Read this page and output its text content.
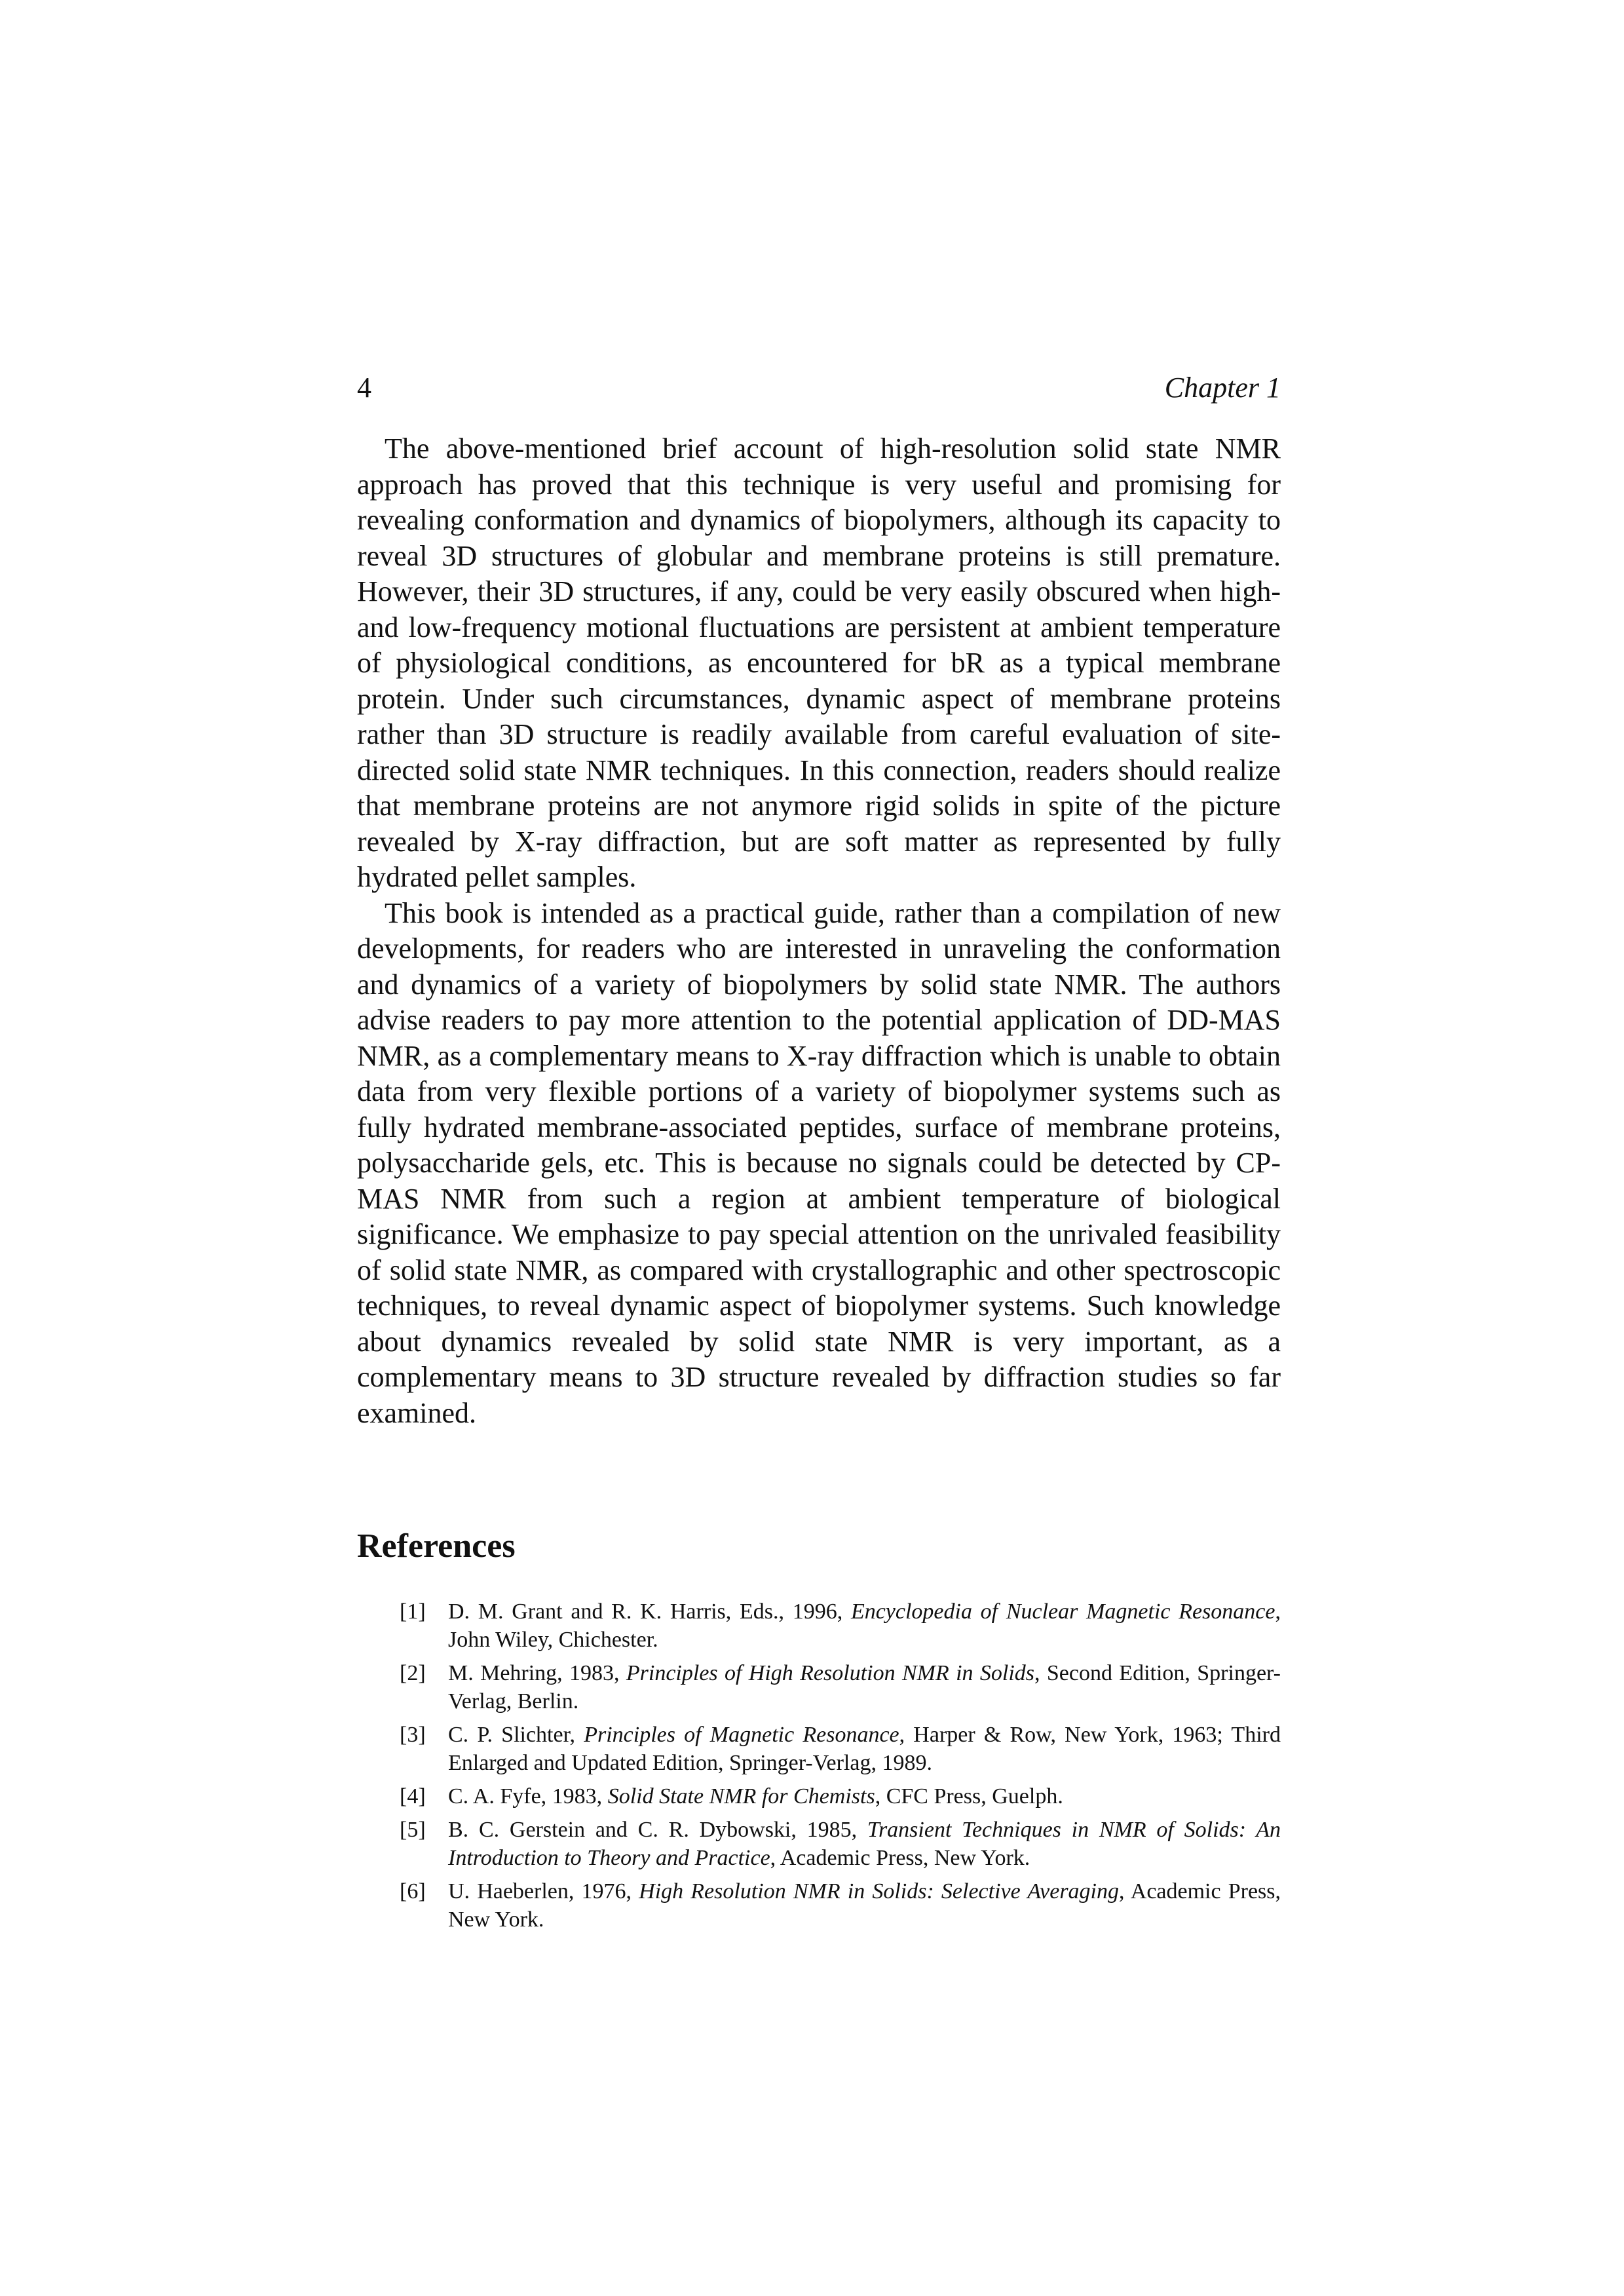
4	Chapter 1

The above-mentioned brief account of high-resolution solid state NMR approach has proved that this technique is very useful and promising for revealing conformation and dynamics of biopolymers, although its capacity to reveal 3D structures of globular and membrane proteins is still premature. However, their 3D structures, if any, could be very easily obscured when high- and low-frequency motional fluctuations are persistent at ambient temperature of physiological conditions, as encountered for bR as a typical membrane protein. Under such circumstances, dynamic aspect of membrane proteins rather than 3D structure is readily available from careful evaluation of site-directed solid state NMR techniques. In this connection, readers should realize that membrane proteins are not anymore rigid solids in spite of the picture revealed by X-ray diffraction, but are soft matter as represented by fully hydrated pellet samples.

This book is intended as a practical guide, rather than a compilation of new developments, for readers who are interested in unraveling the conformation and dynamics of a variety of biopolymers by solid state NMR. The authors advise readers to pay more attention to the potential application of DD-MAS NMR, as a complementary means to X-ray diffraction which is unable to obtain data from very flexible portions of a variety of biopolymer systems such as fully hydrated membrane-associated peptides, surface of membrane proteins, polysaccharide gels, etc. This is because no signals could be detected by CP-MAS NMR from such a region at ambient temperature of biological significance. We emphasize to pay special attention on the unrivaled feasibility of solid state NMR, as compared with crystallographic and other spectroscopic techniques, to reveal dynamic aspect of biopolymer systems. Such knowledge about dynamics revealed by solid state NMR is very important, as a complementary means to 3D structure revealed by diffraction studies so far examined.

References
[1] D. M. Grant and R. K. Harris, Eds., 1996, Encyclopedia of Nuclear Magnetic Resonance, John Wiley, Chichester.
[2] M. Mehring, 1983, Principles of High Resolution NMR in Solids, Second Edition, Springer-Verlag, Berlin.
[3] C. P. Slichter, Principles of Magnetic Resonance, Harper & Row, New York, 1963; Third Enlarged and Updated Edition, Springer-Verlag, 1989.
[4] C. A. Fyfe, 1983, Solid State NMR for Chemists, CFC Press, Guelph.
[5] B. C. Gerstein and C. R. Dybowski, 1985, Transient Techniques in NMR of Solids: An Introduction to Theory and Practice, Academic Press, New York.
[6] U. Haeberlen, 1976, High Resolution NMR in Solids: Selective Averaging, Academic Press, New York.
